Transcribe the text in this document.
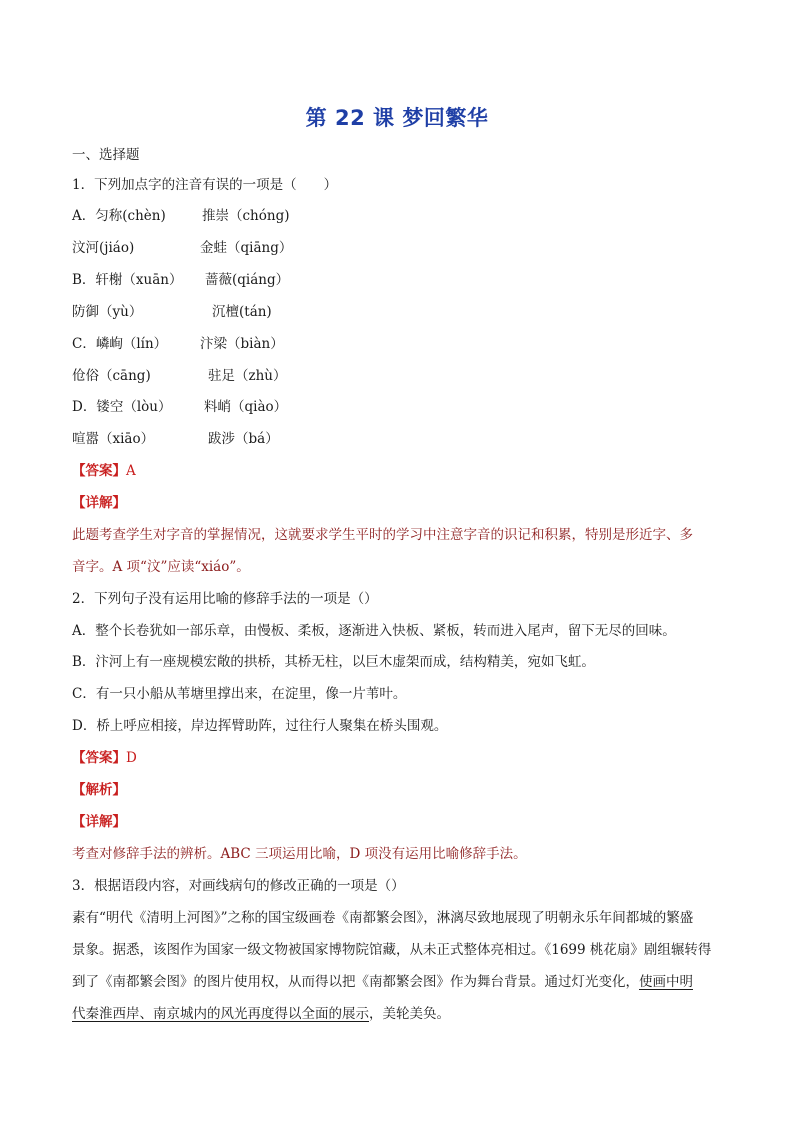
第 22 课 梦回繁华
一、选择题
1．下列加点字的注音有误的一项是（　　）
A．匀称(chèn)	推崇（chóng)
汶河(jiáo)	金蛙（qiāng）
B．轩榭（xuān） 蔷薇(qiáng）
防御（yù）	沉檀(tán)
C．嶙峋（lín） 汴梁（biàn）
伧俗（cāng)	驻足（zhù）
D．镂空（lòu） 料峭（qiào）
喧嚣（xiāo）	跋涉（bá）
【答案】A
【详解】
此题考查学生对字音的掌握情况，这就要求学生平时的学习中注意字音的识记和积累，特别是形近字、多
音字。A 项“汶”应读“xiáo”。
2．下列句子没有运用比喻的修辞手法的一项是（）
A．整个长卷犹如一部乐章，由慢板、柔板，逐渐进入快板、紧板，转而进入尾声，留下无尽的回味。
B．汴河上有一座规模宏敞的拱桥，其桥无柱，以巨木虚架而成，结构精美，宛如飞虹。
C．有一只小船从苇塘里撑出来，在淀里，像一片苇叶。
D．桥上呼应相接，岸边挥臂助阵，过往行人聚集在桥头围观。
【答案】D
【解析】
【详解】
考查对修辞手法的辨析。ABC 三项运用比喻，D 项没有运用比喻修辞手法。
3．根据语段内容，对画线病句的修改正确的一项是（）
素有“明代《清明上河图》”之称的国宝级画卷《南都繁会图》，淋漓尽致地展现了明朝永乐年间都城的繁盛
景象。据悉，该图作为国家一级文物被国家博物院馆藏，从未正式整体亮相过。《1699 桃花扇》剧组辗转得
到了《南都繁会图》的图片使用权，从而得以把《南都繁会图》作为舞台背景。通过灯光变化，使画中明
代秦淮西岸、南京城内的风光再度得以全面的展示，美轮美奂。
